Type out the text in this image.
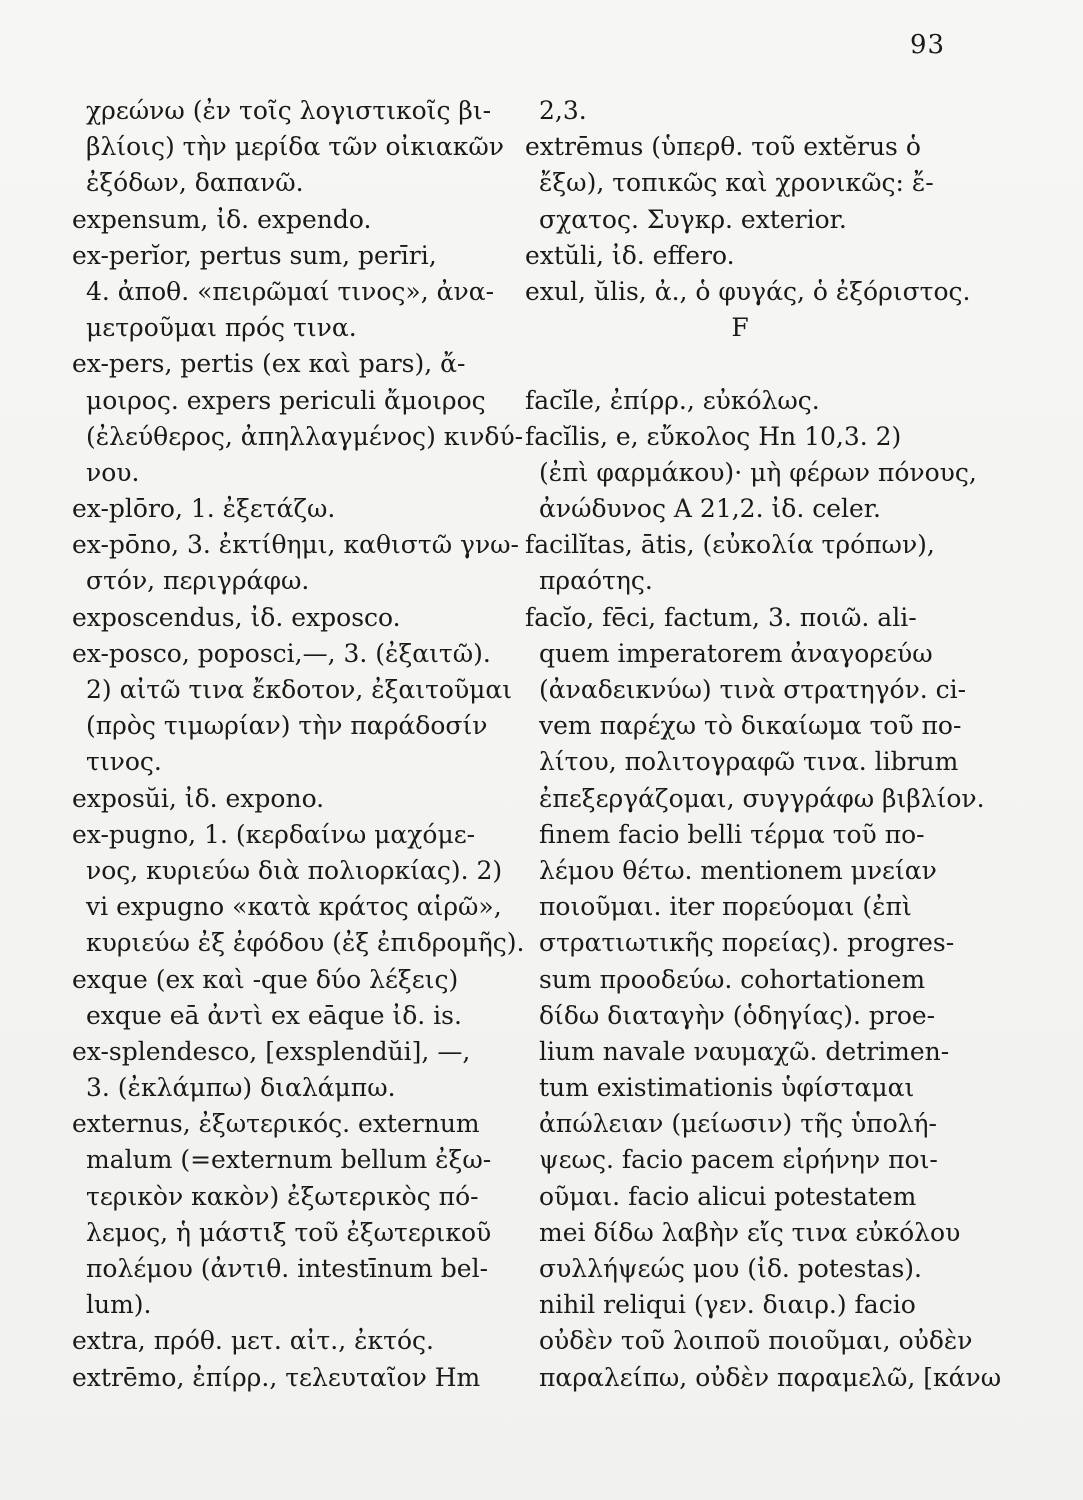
93
χρεώνω (ἐν τοῖς λογιστικοῖς βι-
βλίοις) τὴν μερίδα τῶν οἰκιακῶν
ἐξόδων, δαπανῶ.
expensum, ἰδ. expendo.
ex-perĭor, pertus sum, perīri,
4. ἀποθ. «πειρῶμαί τινος», ἀνα-
μετροῦμαι πρός τινα.
ex-pers, pertis (ex καὶ pars), ἄ-
μοιρος. expers periculi ἄμοιρος
(ἐλεύθερος, ἀπηλλαγμένος) κινδύ-
νου.
ex-plōro, 1. ἐξετάζω.
ex-pōno, 3. ἐκτίθημι, καθιστῶ γνω-
στόν, περιγράφω.
exposcendus, ἰδ. exposco.
ex-posco, poposci,—, 3. (ἐξαιτῶ).
2) αἰτῶ τινα ἔκδοτον, ἐξαιτοῦμαι
(πρὸς τιμωρίαν) τὴν παράδοσίν
τινος.
exposŭi, ἰδ. expono.
ex-pugno, 1. (κερδαίνω μαχόμε-
νος, κυριεύω διὰ πολιορκίας). 2)
vi expugno «κατὰ κράτος αἱρῶ»,
κυριεύω ἐξ ἐφόδου (ἐξ ἐπιδρομῆς).
exque (ex καὶ -que δύο λέξεις)
exque eā ἀντὶ ex eāque ἰδ. is.
ex-splendesco, [exsplendŭi], —,
3. (ἐκλάμπω) διαλάμπω.
externus, ἐξωτερικός. externum
malum (=externum bellum ἐξω-
τερικὸν κακὸν) ἐξωτερικὸς πό-
λεμος, ἡ μάστιξ τοῦ ἐξωτερικοῦ
πολέμου (ἀντιθ. intestīnum bel-
lum).
extra, πρόθ. μετ. αἰτ., ἐκτός.
extrēmo, ἐπίρρ., τελευταῖον Hm
2,3.
extrēmus (ὑπερθ. τοῦ extĕrus ὁ
ἔξω), τοπικῶς καὶ χρονικῶς: ἔ-
σχατος. Συγκρ. exterior.
extŭli, ἰδ. effero.
exul, ŭlis, ἀ., ὁ φυγάς, ὁ ἐξόριστος.
F
facĭle, ἐπίρρ., εὐκόλως.
facĭlis, e, εὔκολος Hn 10,3. 2)
(ἐπὶ φαρμάκου)· μὴ φέρων πόνους,
ἀνώδυνος A 21,2. ἰδ. celer.
facilĭtas, ātis, (εὐκολία τρόπων),
πραότης.
facĭo, fēci, factum, 3. ποιῶ. ali-
quem imperatorem ἀναγορεύω
(ἀναδεικνύω) τινὰ στρατηγόν. ci-
vem παρέχω τὸ δικαίωμα τοῦ πο-
λίτου, πολιτογραφῶ τινα. librum
ἐπεξεργάζομαι, συγγράφω βιβλίον.
finem facio belli τέρμα τοῦ πο-
λέμου θέτω. mentionem μνείαν
ποιοῦμαι. iter πορεύομαι (ἐπὶ
στρατιωτικῆς πορείας). progres-
sum προοδεύω. cohortationem
δίδω διαταγὴν (ὁδηγίας). proe-
lium navale ναυμαχῶ. detrimen-
tum existimationis ὑφίσταμαι
ἀπώλειαν (μείωσιν) τῆς ὑπολή-
ψεως. facio pacem εἰρήνην ποι-
οῦμαι. facio alicui potestatem
mei δίδω λαβὴν εἴς τινα εὐκόλου
συλλήψεώς μου (ἰδ. potestas).
nihil reliqui (γεν. διαιρ.) facio
οὐδὲν τοῦ λοιποῦ ποιοῦμαι, οὐδὲν
παραλείπω, οὐδὲν παραμελῶ, [κάνω
